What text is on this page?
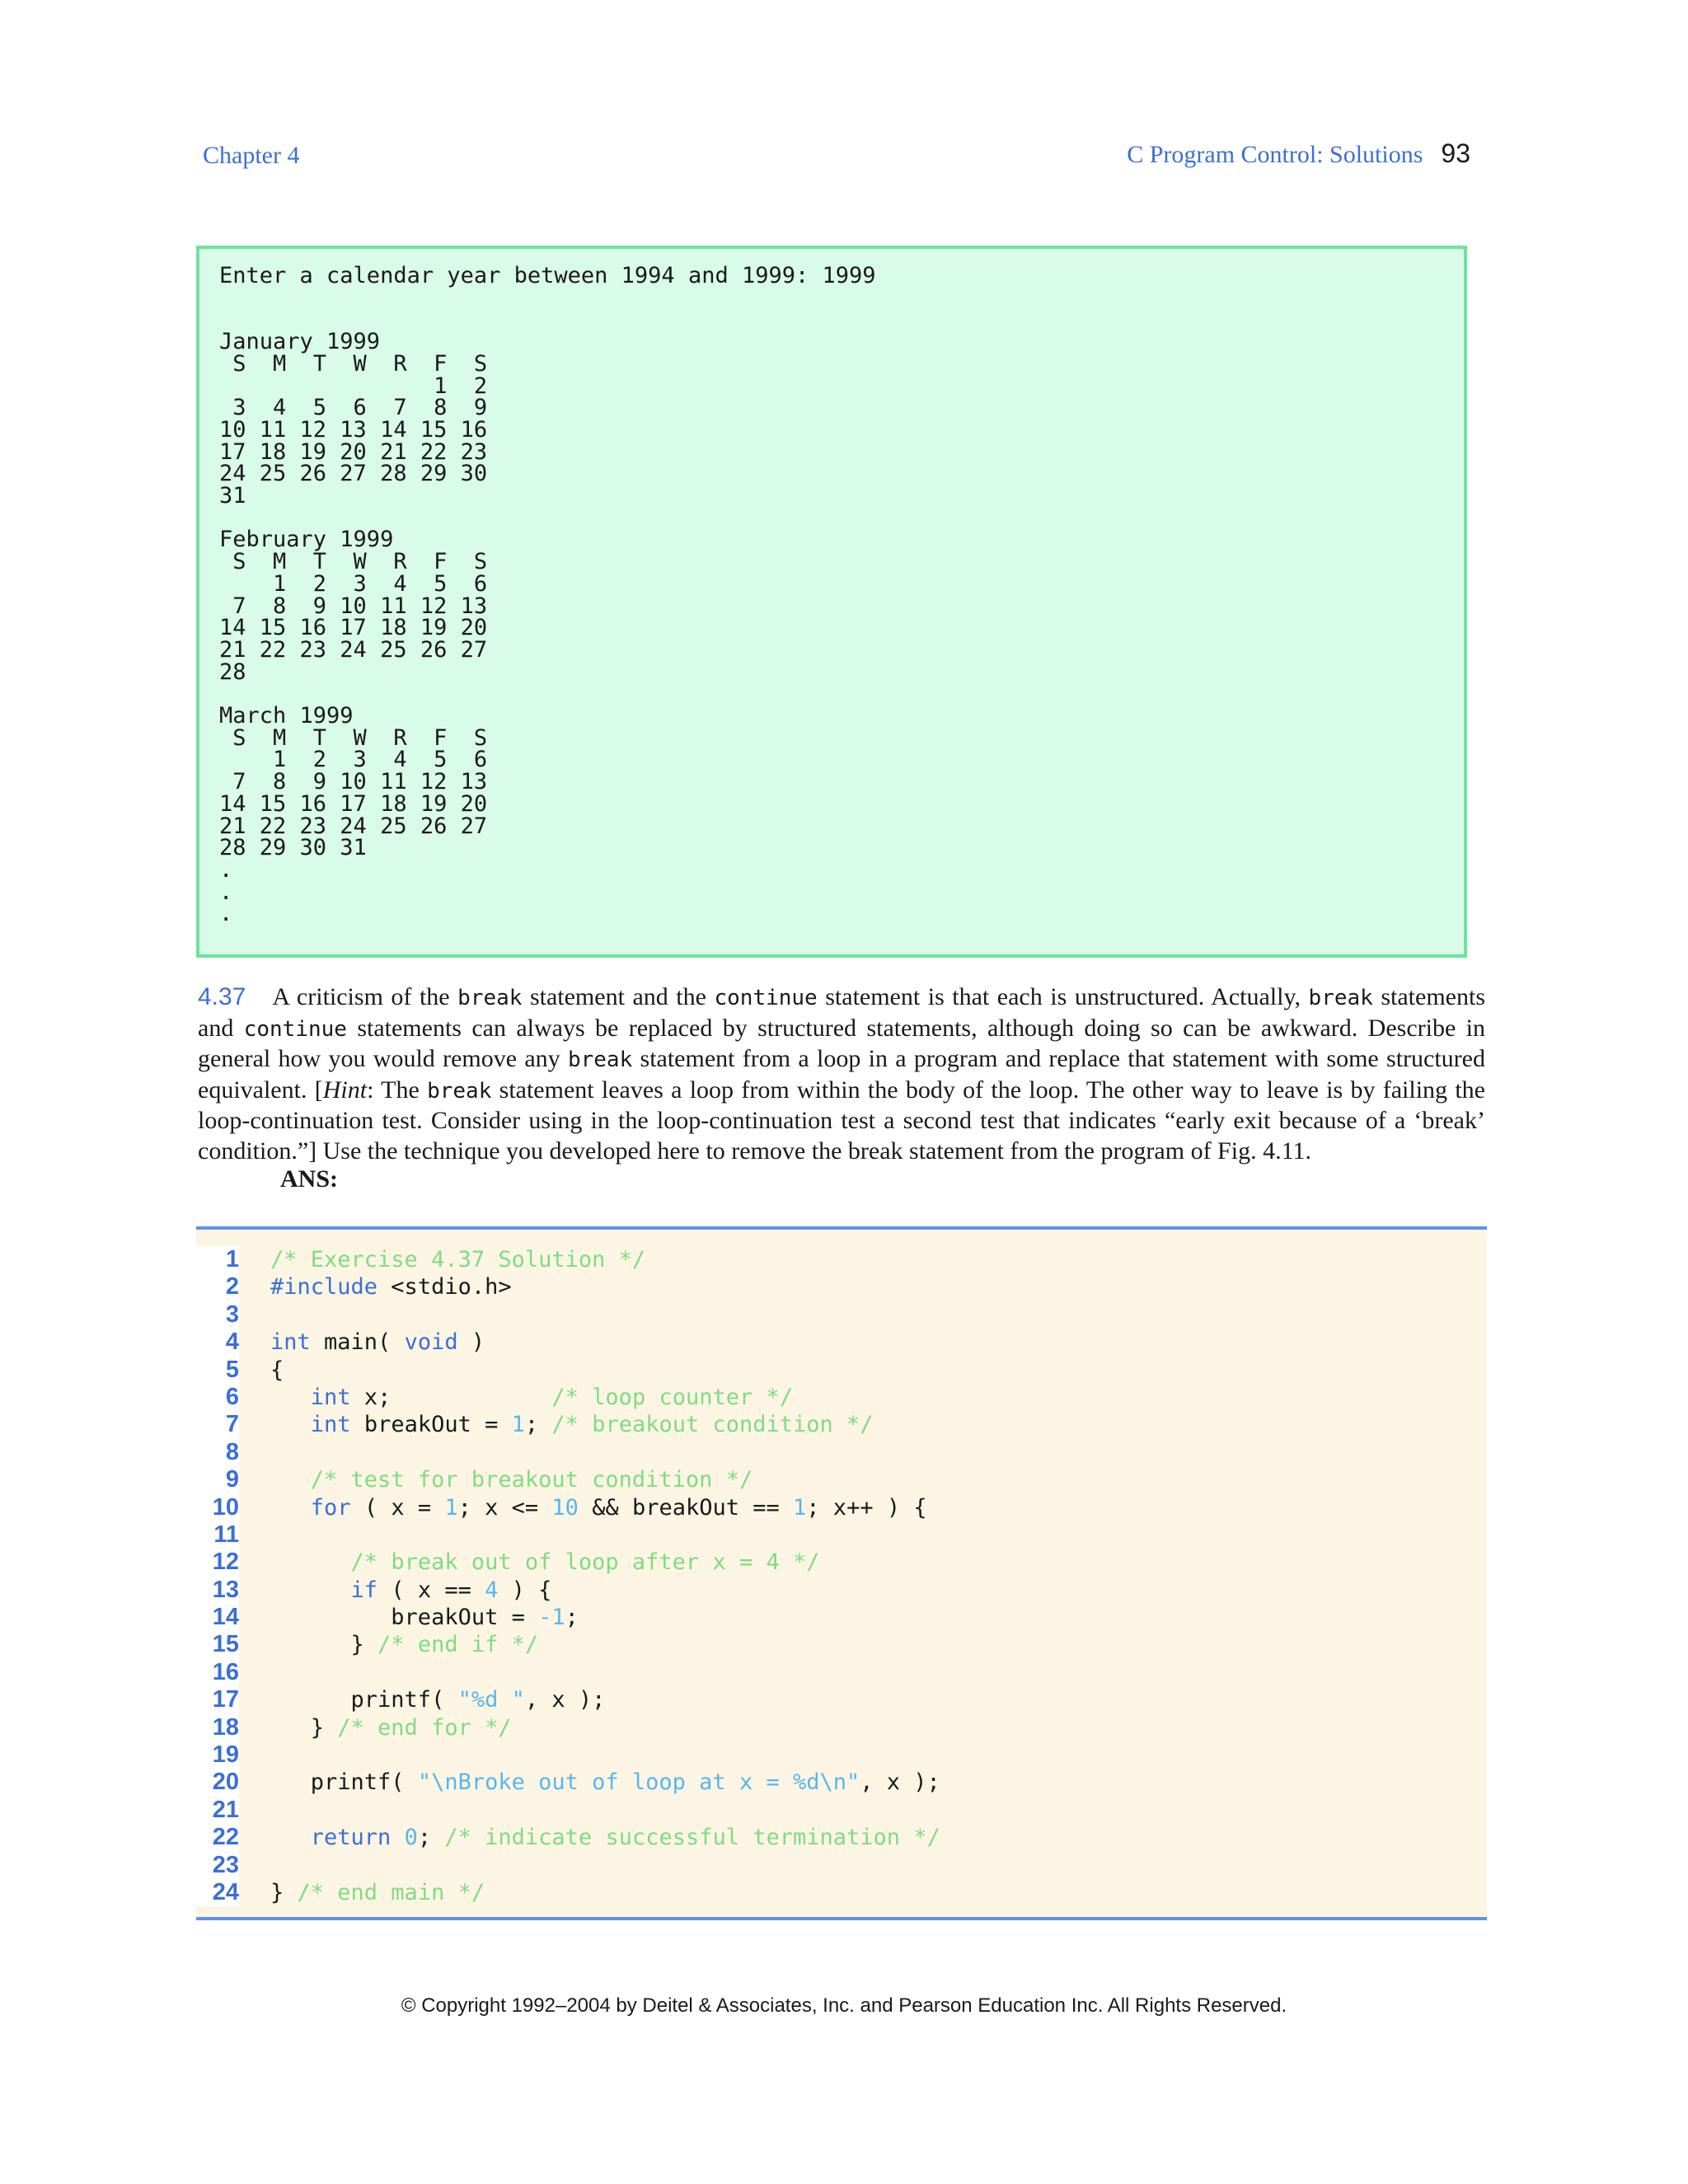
Chapter 4	C Program Control: Solutions 93
Enter a calendar year between 1994 and 1999: 1999

January 1999
S  M  T  W  R  F  S
1  2
3  4  5  6  7  8  9
10 11 12 13 14 15 16
17 18 19 20 21 22 23
24 25 26 27 28 29 30
31

February 1999
S  M  T  W  R  F  S
1  2  3  4  5  6
7  8  9 10 11 12 13
14 15 16 17 18 19 20
21 22 23 24 25 26 27
28

March 1999
S  M  T  W  R  F  S
1  2  3  4  5  6
7  8  9 10 11 12 13
14 15 16 17 18 19 20
21 22 23 24 25 26 27
28 29 30 31
.
.
.
4.37 A criticism of the break statement and the continue statement is that each is unstructured. Actually, break statements and continue statements can always be replaced by structured statements, although doing so can be awkward. Describe in general how you would remove any break statement from a loop in a program and replace that statement with some structured equivalent. [Hint: The break statement leaves a loop from within the body of the loop. The other way to leave is by failing the loop-continuation test. Consider using in the loop-continuation test a second test that indicates “early exit because of a ‘break’ condition.”] Use the technique you developed here to remove the break statement from the program of Fig. 4.11.
ANS:
1
2
3
4
5
6
7
8
9
10
11
12
13
14
15
16
17
18
19
20
21
22
23
24
/* Exercise 4.37 Solution */
#include <stdio.h>
int main( void )
{
int x;            /* loop counter */
int breakOut = 1; /* breakout condition */
/* test for breakout condition */
for ( x = 1; x <= 10 && breakOut == 1; x++ ) {
/* break out of loop after x = 4 */
if ( x == 4 ) {
breakOut = -1;
} /* end if */
printf( "%d ", x );
} /* end for */
printf( "\nBroke out of loop at x = %d\n", x );
return 0; /* indicate successful termination */
} /* end main */
© Copyright 1992–2004 by Deitel & Associates, Inc. and Pearson Education Inc. All Rights Reserved.
